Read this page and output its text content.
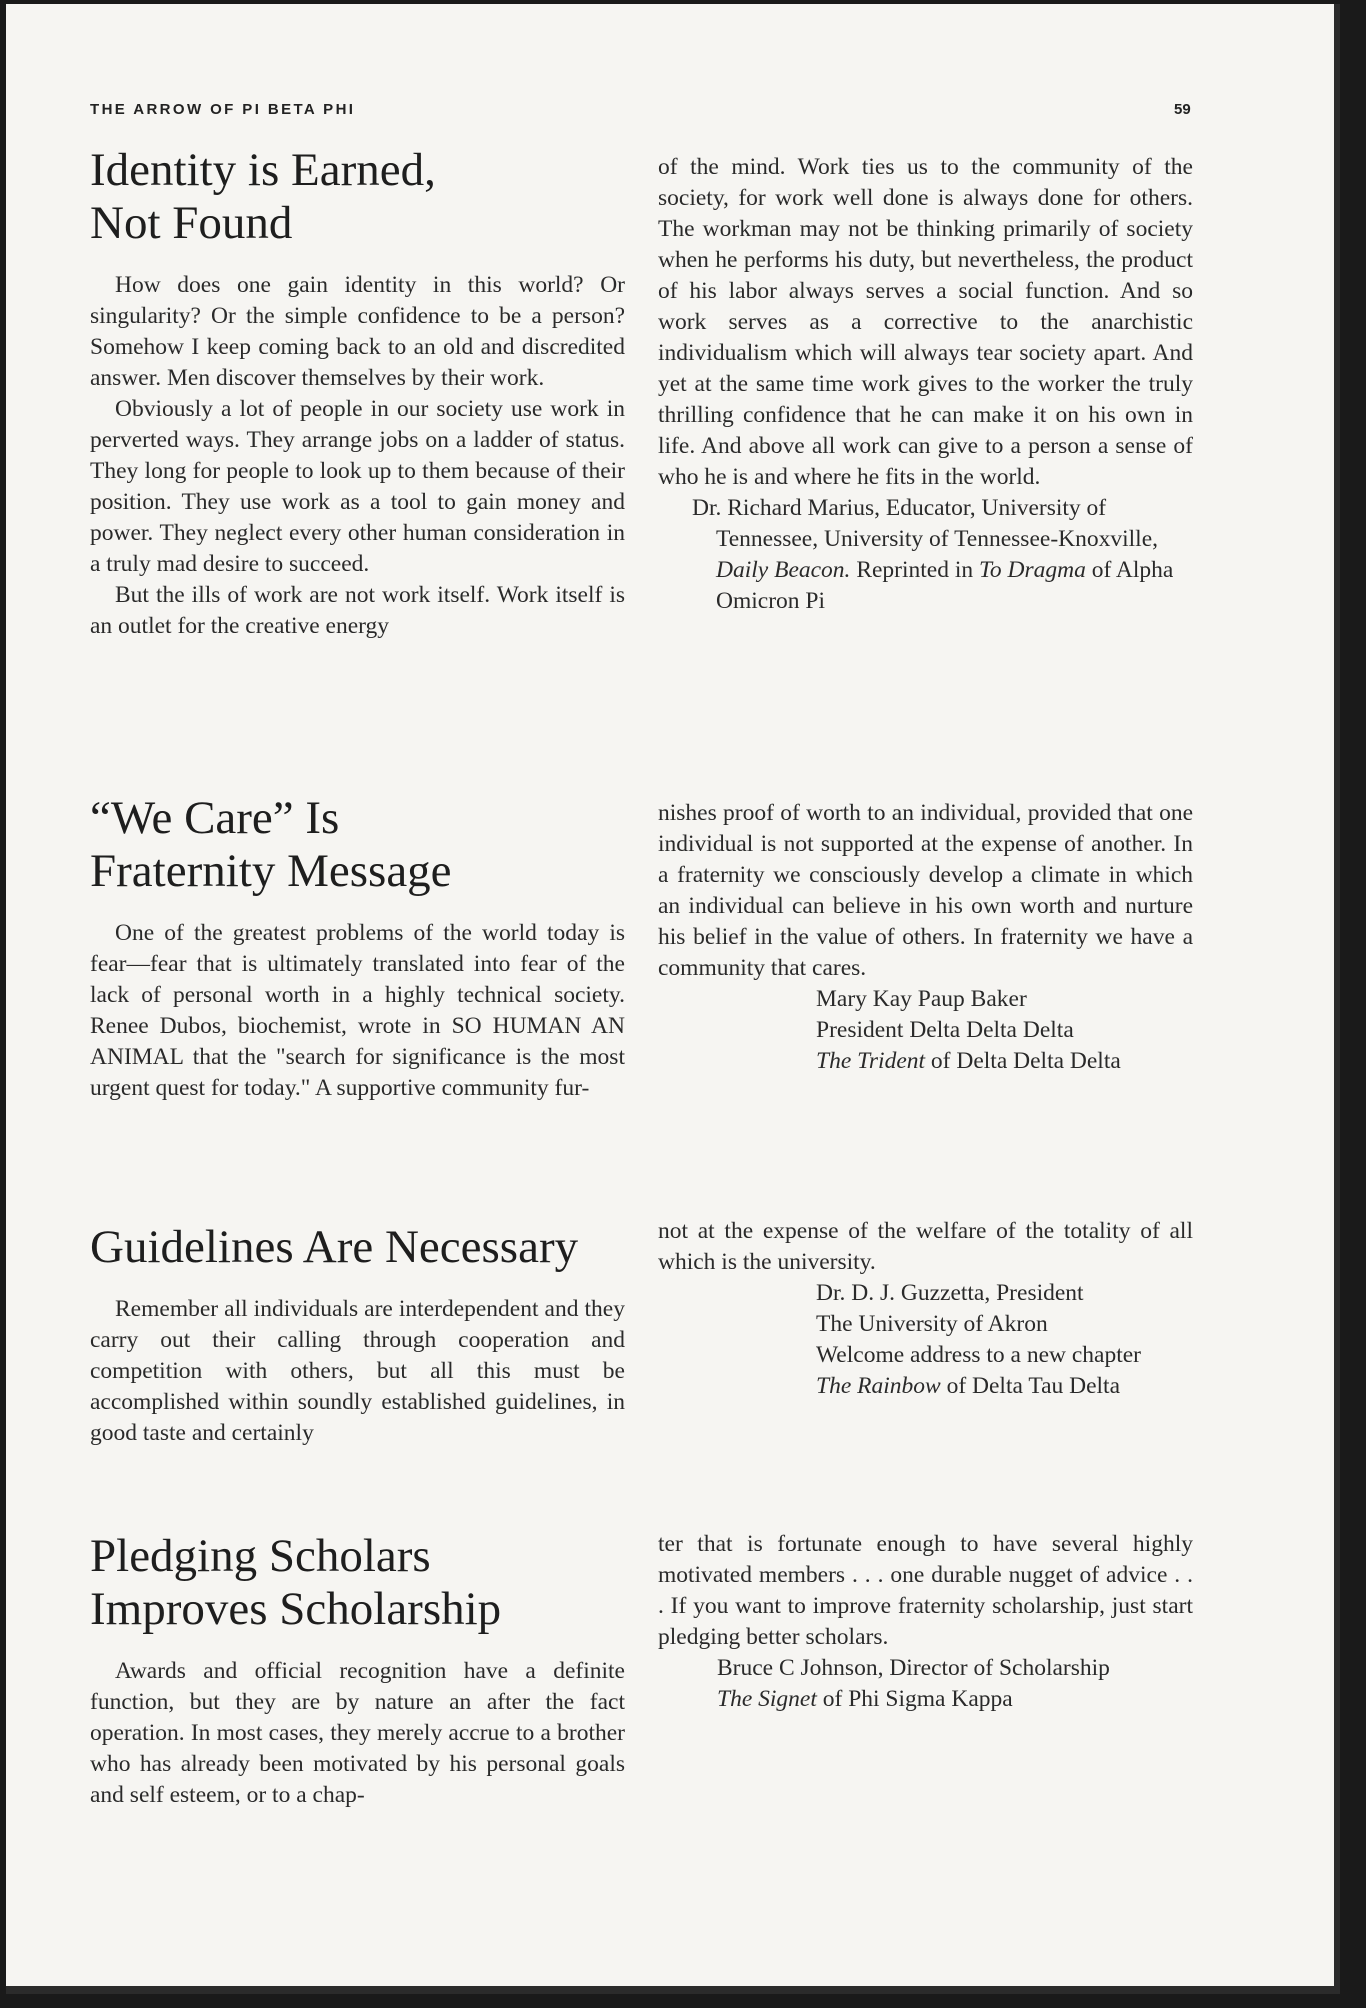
THE ARROW OF PI BETA PHI	59
Identity is Earned,
Not Found

How does one gain identity in this world? Or singularity? Or the simple confidence to be a person? Somehow I keep coming back to an old and discredited answer. Men discover themselves by their work.

Obviously a lot of people in our society use work in perverted ways. They arrange jobs on a ladder of status. They long for people to look up to them because of their position. They use work as a tool to gain money and power. They neglect every other human consideration in a truly mad desire to succeed.

But the ills of work are not work itself. Work itself is an outlet for the creative energy

of the mind. Work ties us to the community of the society, for work well done is always done for others. The workman may not be thinking primarily of society when he performs his duty, but nevertheless, the product of his labor always serves a social function. And so work serves as a corrective to the anarchistic individualism which will always tear society apart. And yet at the same time work gives to the worker the truly thrilling confidence that he can make it on his own in life. And above all work can give to a person a sense of who he is and where he fits in the world.

Dr. Richard Marius, Educator, University of Tennessee, University of Tennessee-Knoxville, Daily Beacon. Reprinted in To Dragma of Alpha Omicron Pi

“We Care” Is
Fraternity Message

One of the greatest problems of the world today is fear—fear that is ultimately translated into fear of the lack of personal worth in a highly technical society. Renee Dubos, biochemist, wrote in SO HUMAN AN ANIMAL that the "search for significance is the most urgent quest for today." A supportive community fur-

nishes proof of worth to an individual, provided that one individual is not supported at the expense of another. In a fraternity we consciously develop a climate in which an individual can believe in his own worth and nurture his belief in the value of others. In fraternity we have a community that cares.

Mary Kay Paup Baker

President Delta Delta Delta

The Trident of Delta Delta Delta

Guidelines Are Necessary

Remember all individuals are interdependent and they carry out their calling through cooperation and competition with others, but all this must be accomplished within soundly established guidelines, in good taste and certainly

not at the expense of the welfare of the totality of all which is the university.

Dr. D. J. Guzzetta, President

The University of Akron

Welcome address to a new chapter

The Rainbow of Delta Tau Delta

Pledging Scholars
Improves Scholarship

Awards and official recognition have a definite function, but they are by nature an after the fact operation. In most cases, they merely accrue to a brother who has already been motivated by his personal goals and self esteem, or to a chap-

ter that is fortunate enough to have several highly motivated members . . . one durable nugget of advice . . . If you want to improve fraternity scholarship, just start pledging better scholars.

Bruce C Johnson, Director of Scholarship

The Signet of Phi Sigma Kappa
